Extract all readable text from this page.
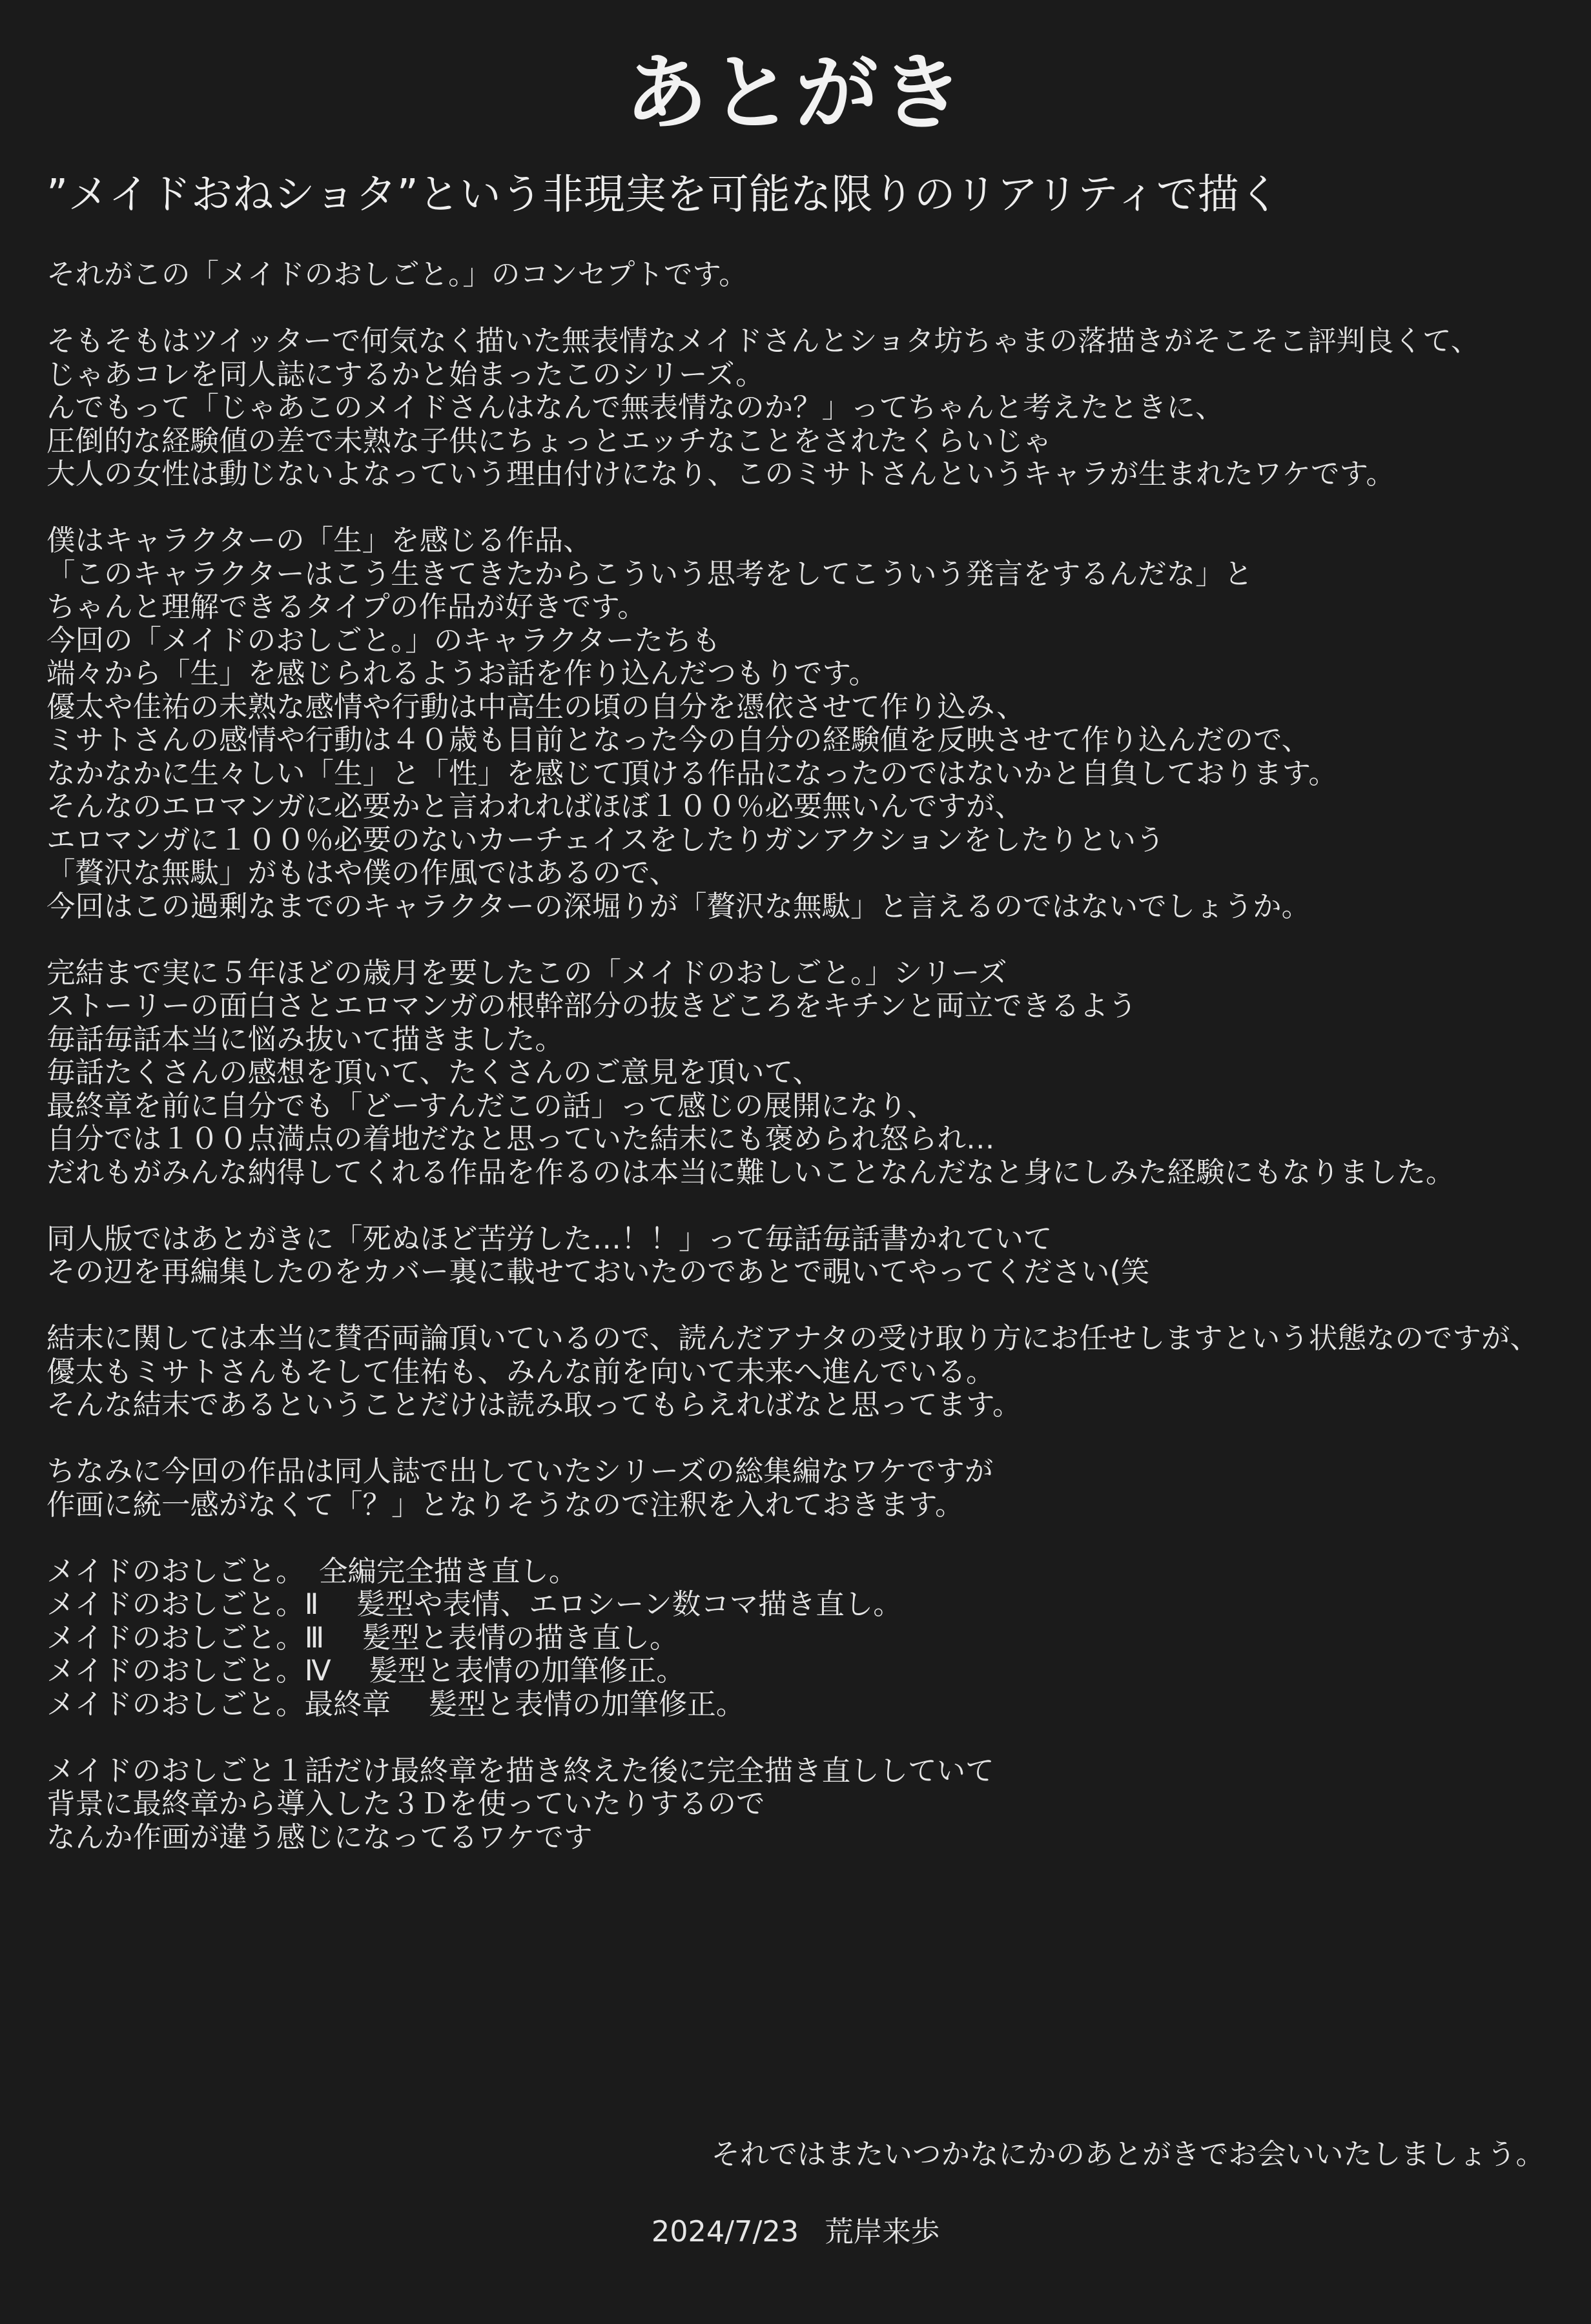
あとがき
”メイドおねショタ”という非現実を可能な限りのリアリティで描く
それがこの「メイドのおしごと。」のコンセプトです。
そもそもはツイッターで何気なく描いた無表情なメイドさんとショタ坊ちゃまの落描きがそこそこ評判良くて、
じゃあコレを同人誌にするかと始まったこのシリーズ。
んでもって「じゃあこのメイドさんはなんで無表情なのか？」ってちゃんと考えたときに、
圧倒的な経験値の差で未熟な子供にちょっとエッチなことをされたくらいじゃ
大人の女性は動じないよなっていう理由付けになり、このミサトさんというキャラが生まれたワケです。
僕はキャラクターの「生」を感じる作品、
「このキャラクターはこう生きてきたからこういう思考をしてこういう発言をするんだな」と
ちゃんと理解できるタイプの作品が好きです。
今回の「メイドのおしごと。」のキャラクターたちも
端々から「生」を感じられるようお話を作り込んだつもりです。
優太や佳祐の未熟な感情や行動は中高生の頃の自分を憑依させて作り込み、
ミサトさんの感情や行動は４０歳も目前となった今の自分の経験値を反映させて作り込んだので、
なかなかに生々しい「生」と「性」を感じて頂ける作品になったのではないかと自負しております。
そんなのエロマンガに必要かと言われればほぼ１００％必要無いんですが、
エロマンガに１００％必要のないカーチェイスをしたりガンアクションをしたりという
「贅沢な無駄」がもはや僕の作風ではあるので、
今回はこの過剰なまでのキャラクターの深堀りが「贅沢な無駄」と言えるのではないでしょうか。
完結まで実に５年ほどの歳月を要したこの「メイドのおしごと。」シリーズ
ストーリーの面白さとエロマンガの根幹部分の抜きどころをキチンと両立できるよう
毎話毎話本当に悩み抜いて描きました。
毎話たくさんの感想を頂いて、たくさんのご意見を頂いて、
最終章を前に自分でも「どーすんだこの話」って感じの展開になり、
自分では１００点満点の着地だなと思っていた結末にも褒められ怒られ…
だれもがみんな納得してくれる作品を作るのは本当に難しいことなんだなと身にしみた経験にもなりました。
同人版ではあとがきに「死ぬほど苦労した…！！」って毎話毎話書かれていて
その辺を再編集したのをカバー裏に載せておいたのであとで覗いてやってください(笑
結末に関しては本当に賛否両論頂いているので、読んだアナタの受け取り方にお任せしますという状態なのですが、
優太もミサトさんもそして佳祐も、みんな前を向いて未来へ進んでいる。
そんな結末であるということだけは読み取ってもらえればなと思ってます。
ちなみに今回の作品は同人誌で出していたシリーズの総集編なワケですが
作画に統一感がなくて「？」となりそうなので注釈を入れておきます。
メイドのおしごと。　全編完全描き直し。
メイドのおしごと。Ⅱ　 髪型や表情、エロシーン数コマ描き直し。
メイドのおしごと。Ⅲ　 髪型と表情の描き直し。
メイドのおしごと。Ⅳ　 髪型と表情の加筆修正。
メイドのおしごと。最終章　 髪型と表情の加筆修正。
メイドのおしごと１話だけ最終章を描き終えた後に完全描き直ししていて
背景に最終章から導入した３Ｄを使っていたりするので
なんか作画が違う感じになってるワケです
それではまたいつかなにかのあとがきでお会いいたしましょう。
2024/7/23 荒岸来歩
